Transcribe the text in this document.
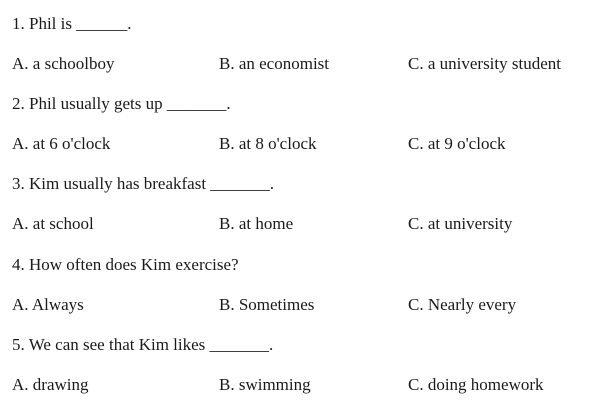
1. Phil is ______.
A. a schoolboy	B. an economist	C. a university student
2. Phil usually gets up _______.
A. at 6 o'clock	B. at 8 o'clock	C. at 9 o'clock
3. Kim usually has breakfast _______.
A. at school	B. at home	C. at university
4. How often does Kim exercise?
A. Always	B. Sometimes	C. Nearly every
5. We can see that Kim likes _______.
A. drawing	B. swimming	C. doing homework
